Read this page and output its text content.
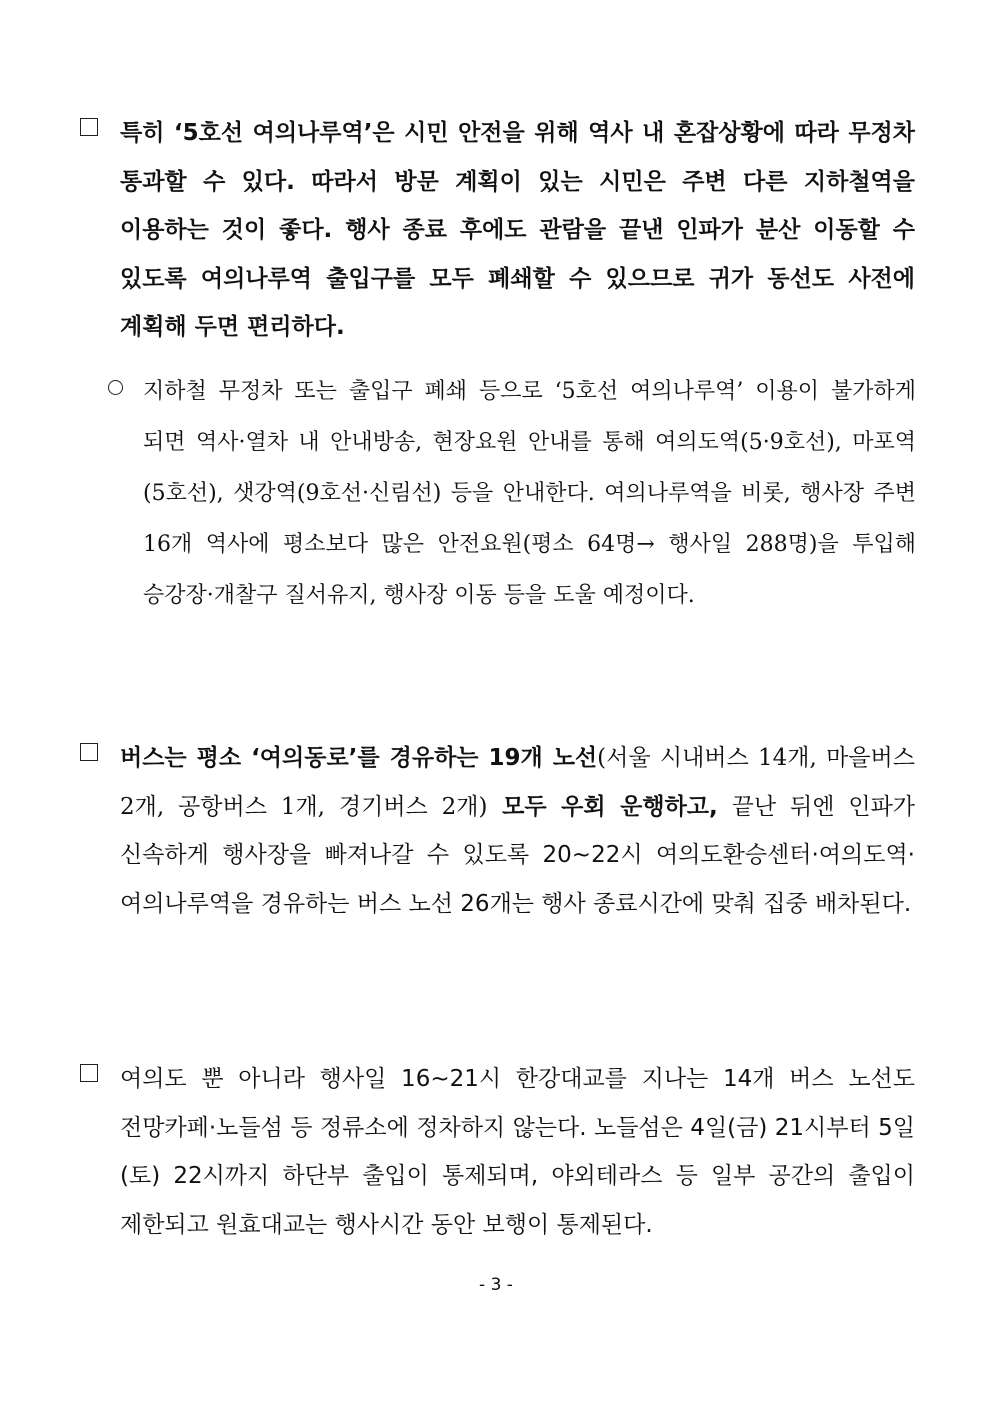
특히 ‘5호선 여의나루역’은 시민 안전을 위해 역사 내 혼잡상황에 따라 무정차 통과할 수 있다. 따라서 방문 계획이 있는 시민은 주변 다른 지하철역을 이용하는 것이 좋다. 행사 종료 후에도 관람을 끝낸 인파가 분산 이동할 수 있도록 여의나루역 출입구를 모두 폐쇄할 수 있으므로 귀가 동선도 사전에 계획해 두면 편리하다.
지하철 무정차 또는 출입구 폐쇄 등으로 ‘5호선 여의나루역’ 이용이 불가하게 되면 역사·열차 내 안내방송, 현장요원 안내를 통해 여의도역(5·9호선), 마포역(5호선), 샛강역(9호선·신림선) 등을 안내한다. 여의나루역을 비롯, 행사장 주변 16개 역사에 평소보다 많은 안전요원(평소 64명→ 행사일 288명)을 투입해 승강장·개찰구 질서유지, 행사장 이동 등을 도울 예정이다.
버스는 평소 ‘여의동로’를 경유하는 19개 노선(서울 시내버스 14개, 마을버스 2개, 공항버스 1개, 경기버스 2개) 모두 우회 운행하고, 끝난 뒤엔 인파가 신속하게 행사장을 빠져나갈 수 있도록 20~22시 여의도환승센터·여의도역·여의나루역을 경유하는 버스 노선 26개는 행사 종료시간에 맞춰 집중 배차된다.
여의도 뿐 아니라 행사일 16~21시 한강대교를 지나는 14개 버스 노선도 전망카페·노들섬 등 정류소에 정차하지 않는다. 노들섬은 4일(금) 21시부터 5일(토) 22시까지 하단부 출입이 통제되며, 야외테라스 등 일부 공간의 출입이 제한되고 원효대교는 행사시간 동안 보행이 통제된다.
- 3 -
